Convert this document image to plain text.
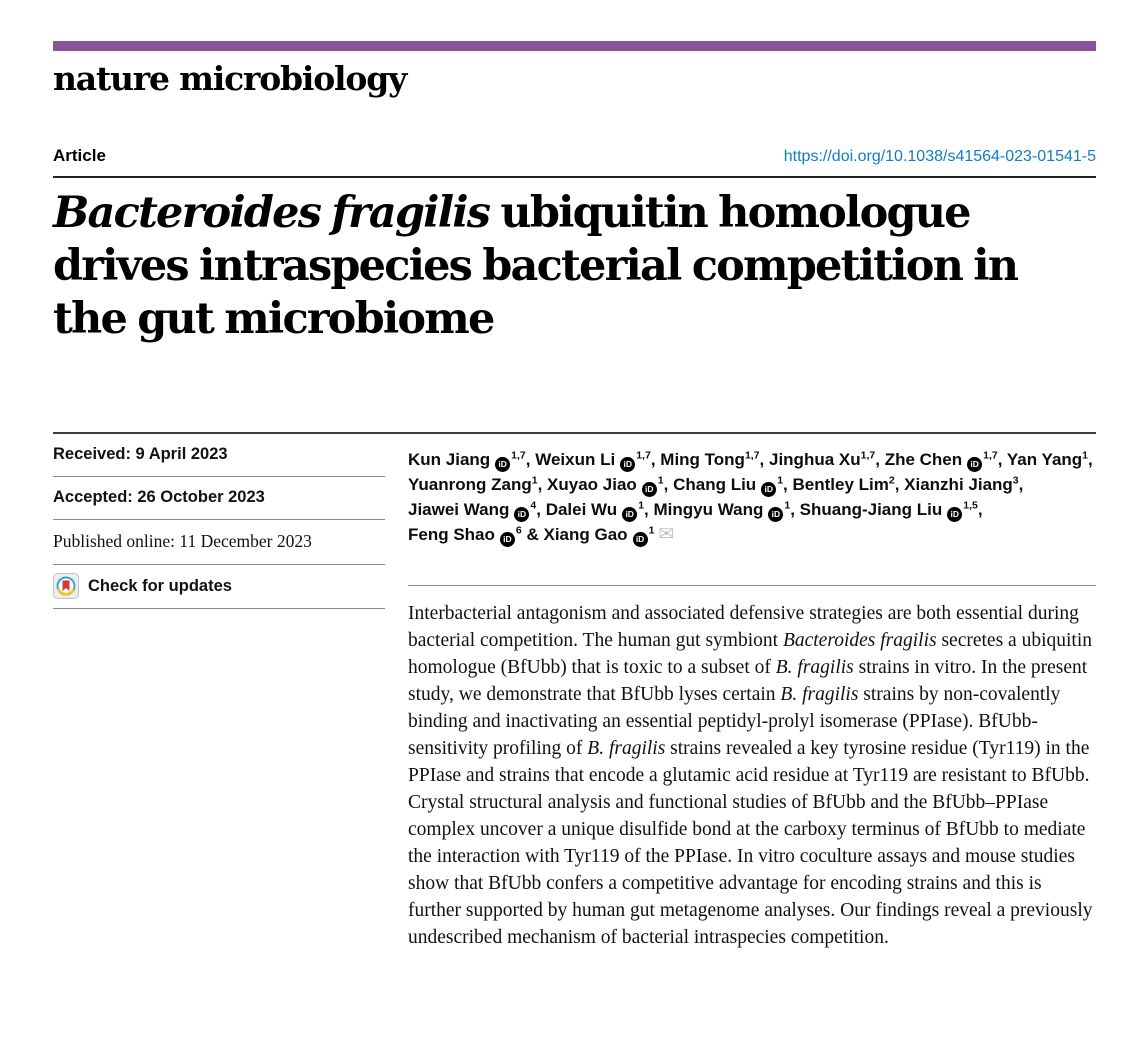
nature microbiology
Article	https://doi.org/10.1038/s41564-023-01541-5
Bacteroides fragilis ubiquitin homologue drives intraspecies bacterial competition in the gut microbiome
Received: 9 April 2023
Accepted: 26 October 2023
Published online: 11 December 2023
Check for updates
Kun Jiang iD$^{1,7}$, Weixun Li iD$^{1,7}$, Ming Tong$^{1,7}$, Jinghua Xu$^{1,7}$, Zhe Chen iD$^{1,7}$, Yan Yang$^1$,
Yuanrong Zang$^1$, Xuyao Jiao $iD^1$, Chang Liu $iD^1$, Bentley Lim$^2$, Xianzhi Jiang$^3$,
Jiawei Wang $iD^4$, Dalei Wu $iD^1$, Mingyu Wang $iD^1$, Shuang-Jiang Liu iD$^{1,5}$,
Feng Shao $iD^6$ & Xiang Gao $iD^1$ ✉

Interbacterial antagonism and associated defensive strategies are both essential during bacterial competition. The human gut symbiont Bacteroides fragilis secretes a ubiquitin homologue (BfUbb) that is toxic to a subset of B. fragilis strains in vitro. In the present study, we demonstrate that BfUbb lyses certain B. fragilis strains by non-covalently binding and inactivating an essential peptidyl-prolyl isomerase (PPIase). BfUbb-sensitivity profiling of B. fragilis strains revealed a key tyrosine residue (Tyr119) in the PPIase and strains that encode a glutamic acid residue at Tyr119 are resistant to BfUbb. Crystal structural analysis and functional studies of BfUbb and the BfUbb–PPIase complex uncover a unique disulfide bond at the carboxy terminus of BfUbb to mediate the interaction with Tyr119 of the PPIase. In vitro coculture assays and mouse studies show that BfUbb confers a competitive advantage for encoding strains and this is further supported by human gut metagenome analyses. Our findings reveal a previously undescribed mechanism of bacterial intraspecies competition.
